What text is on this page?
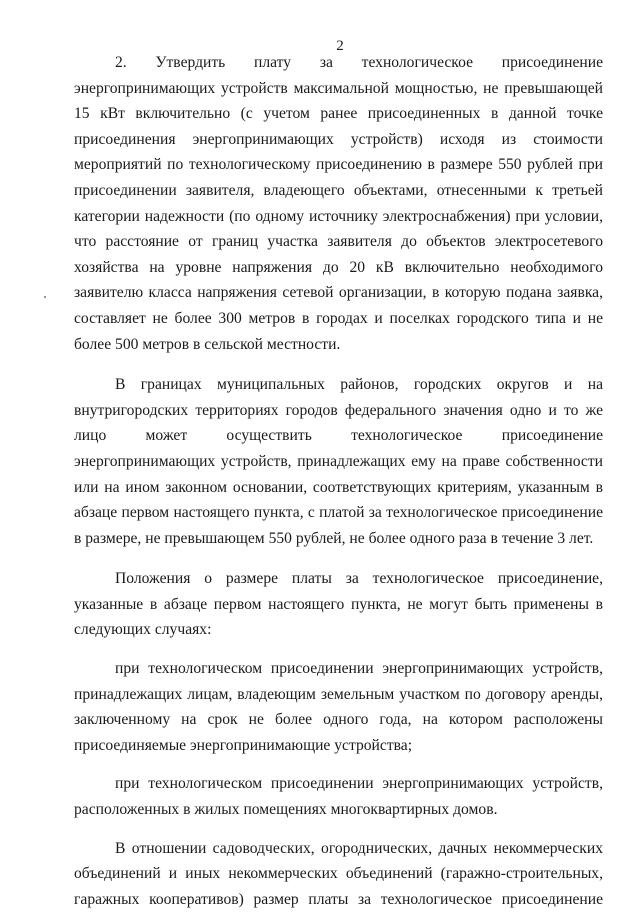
2

2. Утвердить плату за технологическое присоединение энергопринимающих устройств максимальной мощностью, не превышающей 15 кВт включительно (с учетом ранее присоединенных в данной точке присоединения энергопринимающих устройств) исходя из стоимости мероприятий по технологическому присоединению в размере 550 рублей при присоединении заявителя, владеющего объектами, отнесенными к третьей категории надежности (по одному источнику электроснабжения) при условии, что расстояние от границ участка заявителя до объектов электросетевого хозяйства на уровне напряжения до 20 кВ включительно необходимого заявителю класса напряжения сетевой организации, в которую подана заявка, составляет не более 300 метров в городах и поселках городского типа и не более 500 метров в сельской местности.

В границах муниципальных районов, городских округов и на внутригородских территориях городов федерального значения одно и то же лицо может осуществить технологическое присоединение энергопринимающих устройств, принадлежащих ему на праве собственности или на ином законном основании, соответствующих критериям, указанным в абзаце первом настоящего пункта, с платой за технологическое присоединение в размере, не превышающем 550 рублей, не более одного раза в течение 3 лет.

Положения о размере платы за технологическое присоединение, указанные в абзаце первом настоящего пункта, не могут быть применены в следующих случаях:

при технологическом присоединении энергопринимающих устройств, принадлежащих лицам, владеющим земельным участком по договору аренды, заключенному на срок не более одного года, на котором расположены присоединяемые энергопринимающие устройства;

при технологическом присоединении энергопринимающих устройств, расположенных в жилых помещениях многоквартирных домов.

В отношении садоводческих, огороднических, дачных некоммерческих объединений и иных некоммерческих объединений (гаражно-строительных, гаражных кооперативов) размер платы за технологическое присоединение
